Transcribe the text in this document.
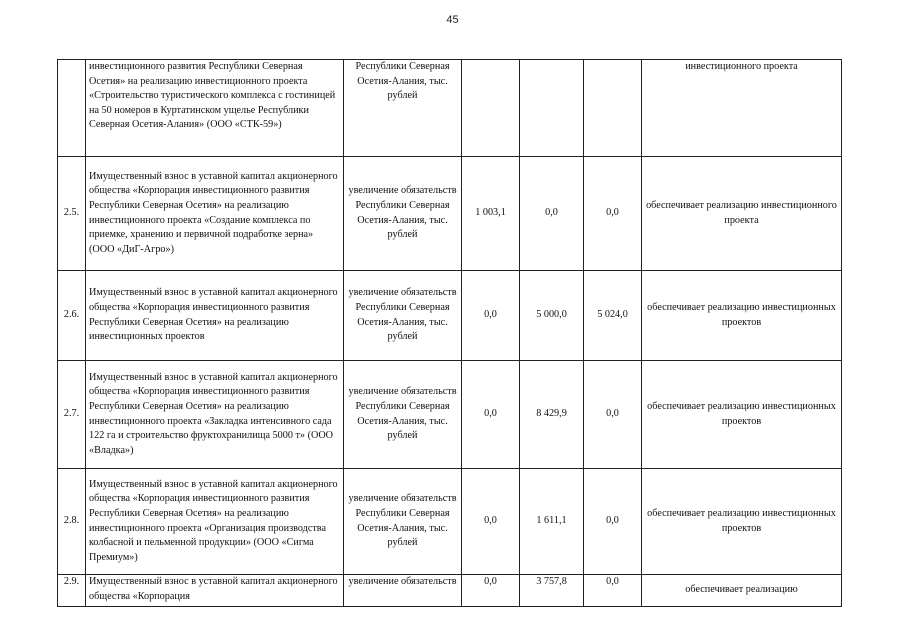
45
	инвестиционного развития Республики Северная Осетия» на реализацию инвестиционного проекта «Строительство туристического комплекса с гостиницей на 50 номеров в Куртатинском ущелье Республики Северная Осетия-Алания» (ООО «СТК-59»)	Республики Северная Осетия-Алания, тыс. рублей				инвестиционного проекта
2.5.	Имущественный взнос в уставной капитал акционерного общества «Корпорация инвестиционного развития Республики Северная Осетия» на реализацию инвестиционного проекта «Создание комплекса по приемке, хранению и первичной подработке зерна» (ООО «ДиГ-Агро»)	увеличение обязательств Республики Северная Осетия-Алания, тыс. рублей	1 003,1	0,0	0,0	обеспечивает реализацию инвестиционного проекта
2.6.	Имущественный взнос в уставной капитал акционерного общества «Корпорация инвестиционного развития Республики Северная Осетия» на реализацию инвестиционных проектов	увеличение обязательств Республики Северная Осетия-Алания, тыс. рублей	0,0	5 000,0	5 024,0	обеспечивает реализацию инвестиционных проектов
2.7.	Имущественный взнос в уставной капитал акционерного общества «Корпорация инвестиционного развития Республики Северная Осетия» на реализацию инвестиционного проекта «Закладка интенсивного сада 122 га и строительство фруктохранилища 5000 т» (ООО «Владка»)	увеличение обязательств Республики Северная Осетия-Алания, тыс. рублей	0,0	8 429,9	0,0	обеспечивает реализацию инвестиционных проектов
2.8.	Имущественный взнос в уставной капитал акционерного общества «Корпорация инвестиционного развития Республики Северная Осетия» на реализацию инвестиционного проекта «Организация производства колбасной и пельменной продукции» (ООО «Сигма Премиум»)	увеличение обязательств Республики Северная Осетия-Алания, тыс. рублей	0,0	1 611,1	0,0	обеспечивает реализацию инвестиционных проектов
2.9.	Имущественный взнос в уставной капитал акционерного общества «Корпорация	увеличение обязательств	0,0	3 757,8	0,0	обеспечивает реализацию
